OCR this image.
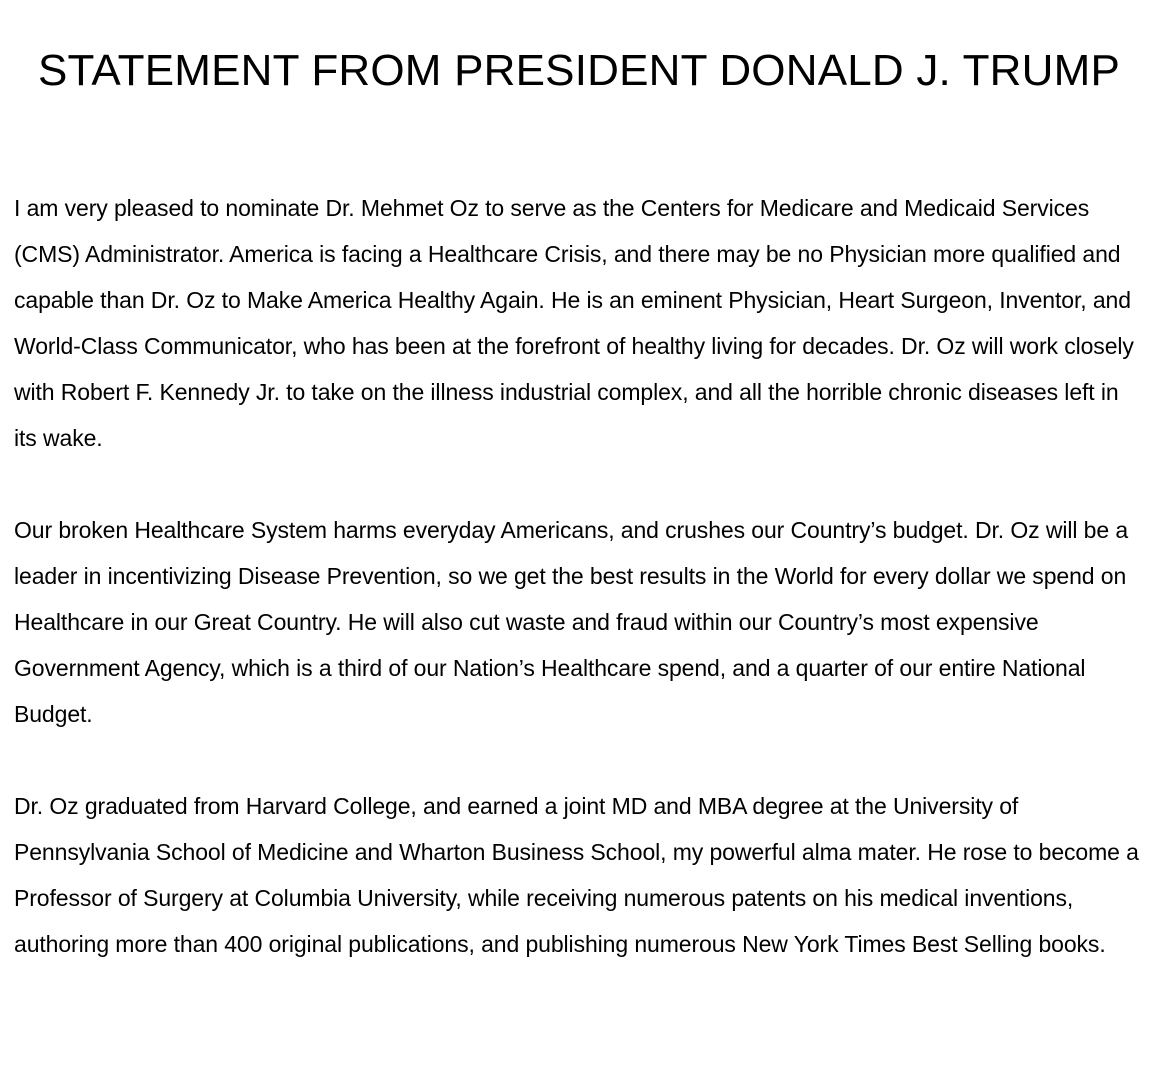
STATEMENT FROM PRESIDENT DONALD J. TRUMP

I am very pleased to nominate Dr. Mehmet Oz to serve as the Centers for Medicare and Medicaid Services (CMS) Administrator. America is facing a Healthcare Crisis, and there may be no Physician more qualified and capable than Dr. Oz to Make America Healthy Again. He is an eminent Physician, Heart Surgeon, Inventor, and World-Class Communicator, who has been at the forefront of healthy living for decades. Dr. Oz will work closely with Robert F. Kennedy Jr. to take on the illness industrial complex, and all the horrible chronic diseases left in its wake.

Our broken Healthcare System harms everyday Americans, and crushes our Country’s budget. Dr. Oz will be a leader in incentivizing Disease Prevention, so we get the best results in the World for every dollar we spend on Healthcare in our Great Country. He will also cut waste and fraud within our Country’s most expensive Government Agency, which is a third of our Nation’s Healthcare spend, and a quarter of our entire National Budget.

Dr. Oz graduated from Harvard College, and earned a joint MD and MBA degree at the University of Pennsylvania School of Medicine and Wharton Business School, my powerful alma mater. He rose to become a Professor of Surgery at Columbia University, while receiving numerous patents on his medical inventions, authoring more than 400 original publications, and publishing numerous New York Times Best Selling books.
